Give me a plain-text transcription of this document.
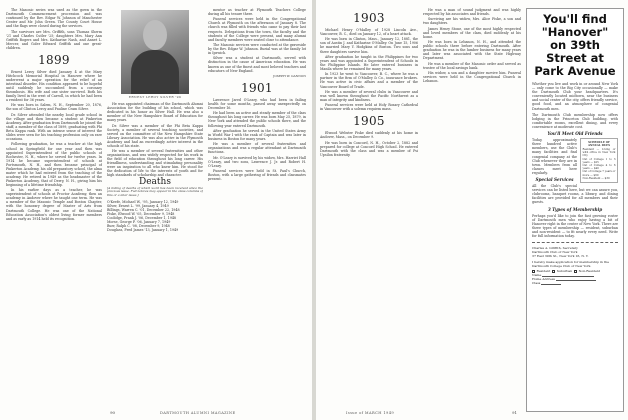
The Masonic series was used as the gown in the Dartmouth Commencement procession and was continued by the Rev. Edgar W. Johnson of Manchester Center and Mr. John Green. The County Court House and the flags were closed during the services.

The survivors are Mrs. Griffith, sons Thomas Sherm '21 and Charles Cutler '25; daughters Mrs. Mary Ann Griffith Rogers and Mrs. Katharine Nash, and Annet L. Mercer, and Goler Edward Griffith and one great-children.

1899

Ernest Leroy Silver died January 4 at the Mary Hitchcock Memorial Hospital in Hanover where he underwent a major operation for the relief of an intestinal disorder. His condition appeared to be hopeful until suddenly he succumbed from a coronary thrombosis. His wife and one sister survived. Both his family lived in the west of Carroll, in which he had been a resident for 36 years.

He was born in Salem, N. H., September 20, 1876, the son of Clinton Leroy and Pauline Cram Silver.

Dr. Silver attended the nearby local grade school in the village and then became a student at Pinkerton Academy. After graduation from Dartmouth he joined the staff, a member of the class of 1899, graduating with Phi Beta Kappa rank. With an intense sense of interest the slides were seen for his teaching profession only on rare occasions.

Following graduation, he was a teacher at the high school in Springfield for one year and then was appointed Superintendent of the public schools of Rochester, N. H., where he served for twelve years. In 1914 he became superintendent of schools at Portsmouth, N. H., and then became principal of Pinkerton Academy, his old preparatory school, the alma mater which he had entered from the teaching of the academy. He retired in 1949 as the headmaster of the Pinkerton Academy, that of Derry, N. H., giving him his beginning of a lifetime friendship.

In his earlier days as a teacher, he was superintendent of schools at Proctor Academy, then an academy in Andover where he taught one term. He was a member of the Masonic Temple and Boston Chapter, with the honorary degree of Master of Arts from Dartmouth College. He was one of the National Education Association's oldest living former members and as early as 1914 held its recognition.

ERNEST LEROY SILVER '99

He was appointed chairman of the Dartmouth Alumni Association for the building of his school, which was dedicated in his honor as Silver Hall. He was also a member of the New Hampshire Board of Education for many years.

Dr. Silver was a member of the Phi Beta Kappa Society, a member of several teaching societies, and served on the committee of the New Hampshire State Library Association. He was also active in the Plymouth Academy and had an exceedingly active interest in the schools of his state.

He was a member of several fraternities and other organizations, and was widely respected for his work in the field of education throughout his long career. His friendliness, understanding and stimulating personality were an inspiration to all who knew him. He stood for the dedication of life to the interests of youth and for high standards of scholarship and character.

Deaths
[A listing of deaths of which word has been received since the previous issue. Full notices may appear in the class columns of this or a later issue.]
O'Keefe, Michael W., '95, January 12, 1949
Silver, Ernest L. '99, January 4, 1949
Billings, Warren C. '01, December 22, 1948
Fiske, Elwood W. '05, December 9, 1948
Coolidge, Frank J. '06, December 1, 1948
Morse, George P. '06, January 7, 1949
Burr, Ralph C. '08, December 9, 1948
Douglass, Fred James '13, January 1, 1949

mentor as teacher at Plymouth Teachers College during all his tenure there.

Funeral services were held in the Congregational Church at Plymouth on the afternoon of January 8. The church was filled with friends who came to pay their last respects. Delegations from the town, the faculty and the students of the College were present, and many alumni and faculty members were seated close to attendance.

The Masonic services were conducted at the graveside by the Rev. Edgar W. Johnson. Burial was at the family lot in Ipswich.

Silver was a student at Dartmouth, served with distinction in the cause of American education. He was known as one of the finest and most beloved teachers and educators of New England.

JOSEPH W. GANNON
1901

Lawrence Jared O'Leary, who had been in failing health for some months, passed away unexpectedly on December 16.

He had been an active and steady member of the class throughout his long career. He was born May 25, 1879, in New York and attended the public schools there, and the following year entered Dartmouth.

After graduation he served in the United States Army in World War I with the rank of Captain and was later in business in Boston for many years.

He was a member of several fraternities and organizations and was a regular attendant at Dartmouth functions.

Mr. O'Leary is survived by his widow, Mrs. Harriet Hall O'Leary, and two sons, Lawrence J. Jr. and Robert H. O'Leary.

Funeral services were held in St. Paul's Church, Boston, with a large gathering of friends and classmates present.

90	DARTMOUTH ALUMNI MAGAZINE
1903

Michael Henry O'Malley of 1928 Lincoln Ave., Vancouver, B. C., died on January 12, of a heart attack.

He was born in Clinton, Mass., January 12, 1881, the son of Austin J. and Katharine O'Malley. On June 15, 1906 he married Mary Y. Hodgkins of Boston. Two sons and three daughters survive him.

After graduation he taught in the Philippines for two years and was appointed a Superintendent of Schools in the Philippine Islands. He later entered business in Manila where he remained for many years.

In 1923 he went to Vancouver, B. C., where he was a partner in the firm of O'Malley & Co., insurance brokers. He was active in civic affairs and a member of the Vancouver Board of Trade.

He was a member of several clubs in Vancouver and was well known throughout the Pacific Northwest as a man of integrity and kindness.

Funeral services were held at Holy Rosary Cathedral in Vancouver with a solemn requiem mass.

1905

Elwood Webster Fiske died suddenly at his home in Andover, Mass., on December 9.

He was born in Concord, N. H., October 2, 1882 and prepared for college at Concord High School. He entered Dartmouth with the class and was a member of Psi Upsilon fraternity.

He was a man of sound judgment and was highly respected by his associates and friends.

Surviving are his widow, Mrs. Alice Fiske, a son and two daughters.

James Henry Stone, one of the most highly respected and loved members of the class, died suddenly at his home.

He was born in Lebanon, N. H., and attended the public schools there before entering Dartmouth. After graduation he was in the lumber business for many years and later was associated with the State Highway Department.

He was a member of the Masonic order and served as trustee of the local savings bank.

His widow, a son and a daughter survive him. Funeral services were held in the Congregational Church in Lebanon.

You'll find "Hanover" on 39th Street at Park Avenue

Whether you live and work in or around New York — only come to the Big City occasionally — make the Dartmouth Club your headquarters. It's conveniently located midtown, near the business and social center of the city, offers friendly service, good food, and an atmosphere of congenial Dartmouth men.

The Dartmouth Club membership now offers lodging in the Princeton Club building, with comfortable rooms, excellent dining, and every convenience at moderate cost.

You'll Meet Old Friends
SCHEDULE OF ANNUAL DUES
Resident — Living or with office in New York City
Out of College 1 to 3 years — $25
Out of College 4 to 6 years — $40
Out of College 7 years or more — $60
Non-Resident — $30

Today, approximately three hundred active members, use the Club's many facilities and find congenial company at the Club whenever they are in town. Members from all classes meet here regularly.

Special Services

All the Club's special services can be listed here, but we can assure you, clubrooms, banquet rooms, a library, and dining facilities are provided for all members and their guests.

3 Types of Membership

Perhaps you'd like to join the fast growing roster of Dartmouth men who enjoy having a bit of Hanover right in the center of New York. There are three types of membership — resident, suburban and non-resident — to fit nearly every need. Write for full information today.

Charles A. Griffith, Secretary
Dartmouth Club of New York
37 East 39th St., New York 16, N. Y.
I hereby make application for membership in the Dartmouth College Club of New York.
Resident Suburban Non-Resident
Name
Home Address
Class
Issue of MARCH 1949	91
